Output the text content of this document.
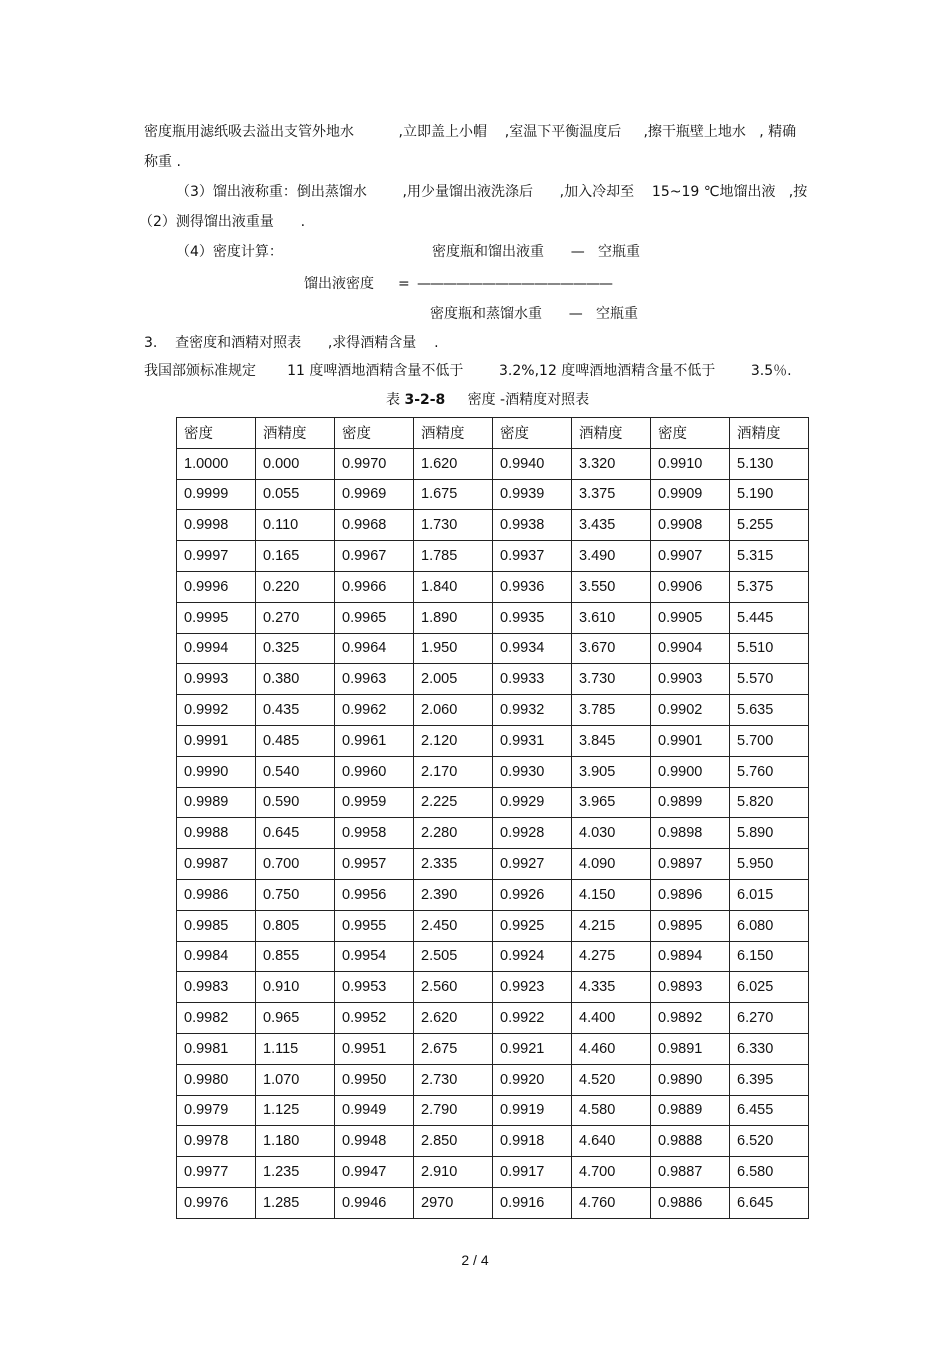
密度瓶用滤纸吸去溢出支管外地水          ,立即盖上小帽    ,室温下平衡温度后     ,擦干瓶壁上地水   , 精确
称重 .
（3）馏出液称重：倒出蒸馏水        ,用少量馏出液洗涤后      ,加入冷却至    15~19 ℃地馏出液   ,按
（2）测得馏出液重量      .
（4）密度计算：	密度瓶和馏出液重      —   空瓶重
馏出液密度 = ———————————————
密度瓶和蒸馏水重      —   空瓶重
3.    查密度和酒精对照表      ,求得酒精含量    .
我国部颁标准规定       11 度啤酒地酒精含量不低于        3.2%,12 度啤酒地酒精含量不低于        3.5％.
表 3-2-8     密度 -酒精度对照表
密度	酒精度	密度	酒精度	密度	酒精度	密度	酒精度
1.0000	0.000	0.9970	1.620	0.9940	3.320	0.9910	5.130
0.9999	0.055	0.9969	1.675	0.9939	3.375	0.9909	5.190
0.9998	0.110	0.9968	1.730	0.9938	3.435	0.9908	5.255
0.9997	0.165	0.9967	1.785	0.9937	3.490	0.9907	5.315
0.9996	0.220	0.9966	1.840	0.9936	3.550	0.9906	5.375
0.9995	0.270	0.9965	1.890	0.9935	3.610	0.9905	5.445
0.9994	0.325	0.9964	1.950	0.9934	3.670	0.9904	5.510
0.9993	0.380	0.9963	2.005	0.9933	3.730	0.9903	5.570
0.9992	0.435	0.9962	2.060	0.9932	3.785	0.9902	5.635
0.9991	0.485	0.9961	2.120	0.9931	3.845	0.9901	5.700
0.9990	0.540	0.9960	2.170	0.9930	3.905	0.9900	5.760
0.9989	0.590	0.9959	2.225	0.9929	3.965	0.9899	5.820
0.9988	0.645	0.9958	2.280	0.9928	4.030	0.9898	5.890
0.9987	0.700	0.9957	2.335	0.9927	4.090	0.9897	5.950
0.9986	0.750	0.9956	2.390	0.9926	4.150	0.9896	6.015
0.9985	0.805	0.9955	2.450	0.9925	4.215	0.9895	6.080
0.9984	0.855	0.9954	2.505	0.9924	4.275	0.9894	6.150
0.9983	0.910	0.9953	2.560	0.9923	4.335	0.9893	6.025
0.9982	0.965	0.9952	2.620	0.9922	4.400	0.9892	6.270
0.9981	1.115	0.9951	2.675	0.9921	4.460	0.9891	6.330
0.9980	1.070	0.9950	2.730	0.9920	4.520	0.9890	6.395
0.9979	1.125	0.9949	2.790	0.9919	4.580	0.9889	6.455
0.9978	1.180	0.9948	2.850	0.9918	4.640	0.9888	6.520
0.9977	1.235	0.9947	2.910	0.9917	4.700	0.9887	6.580
0.9976	1.285	0.9946	2970	0.9916	4.760	0.9886	6.645
2 / 4
